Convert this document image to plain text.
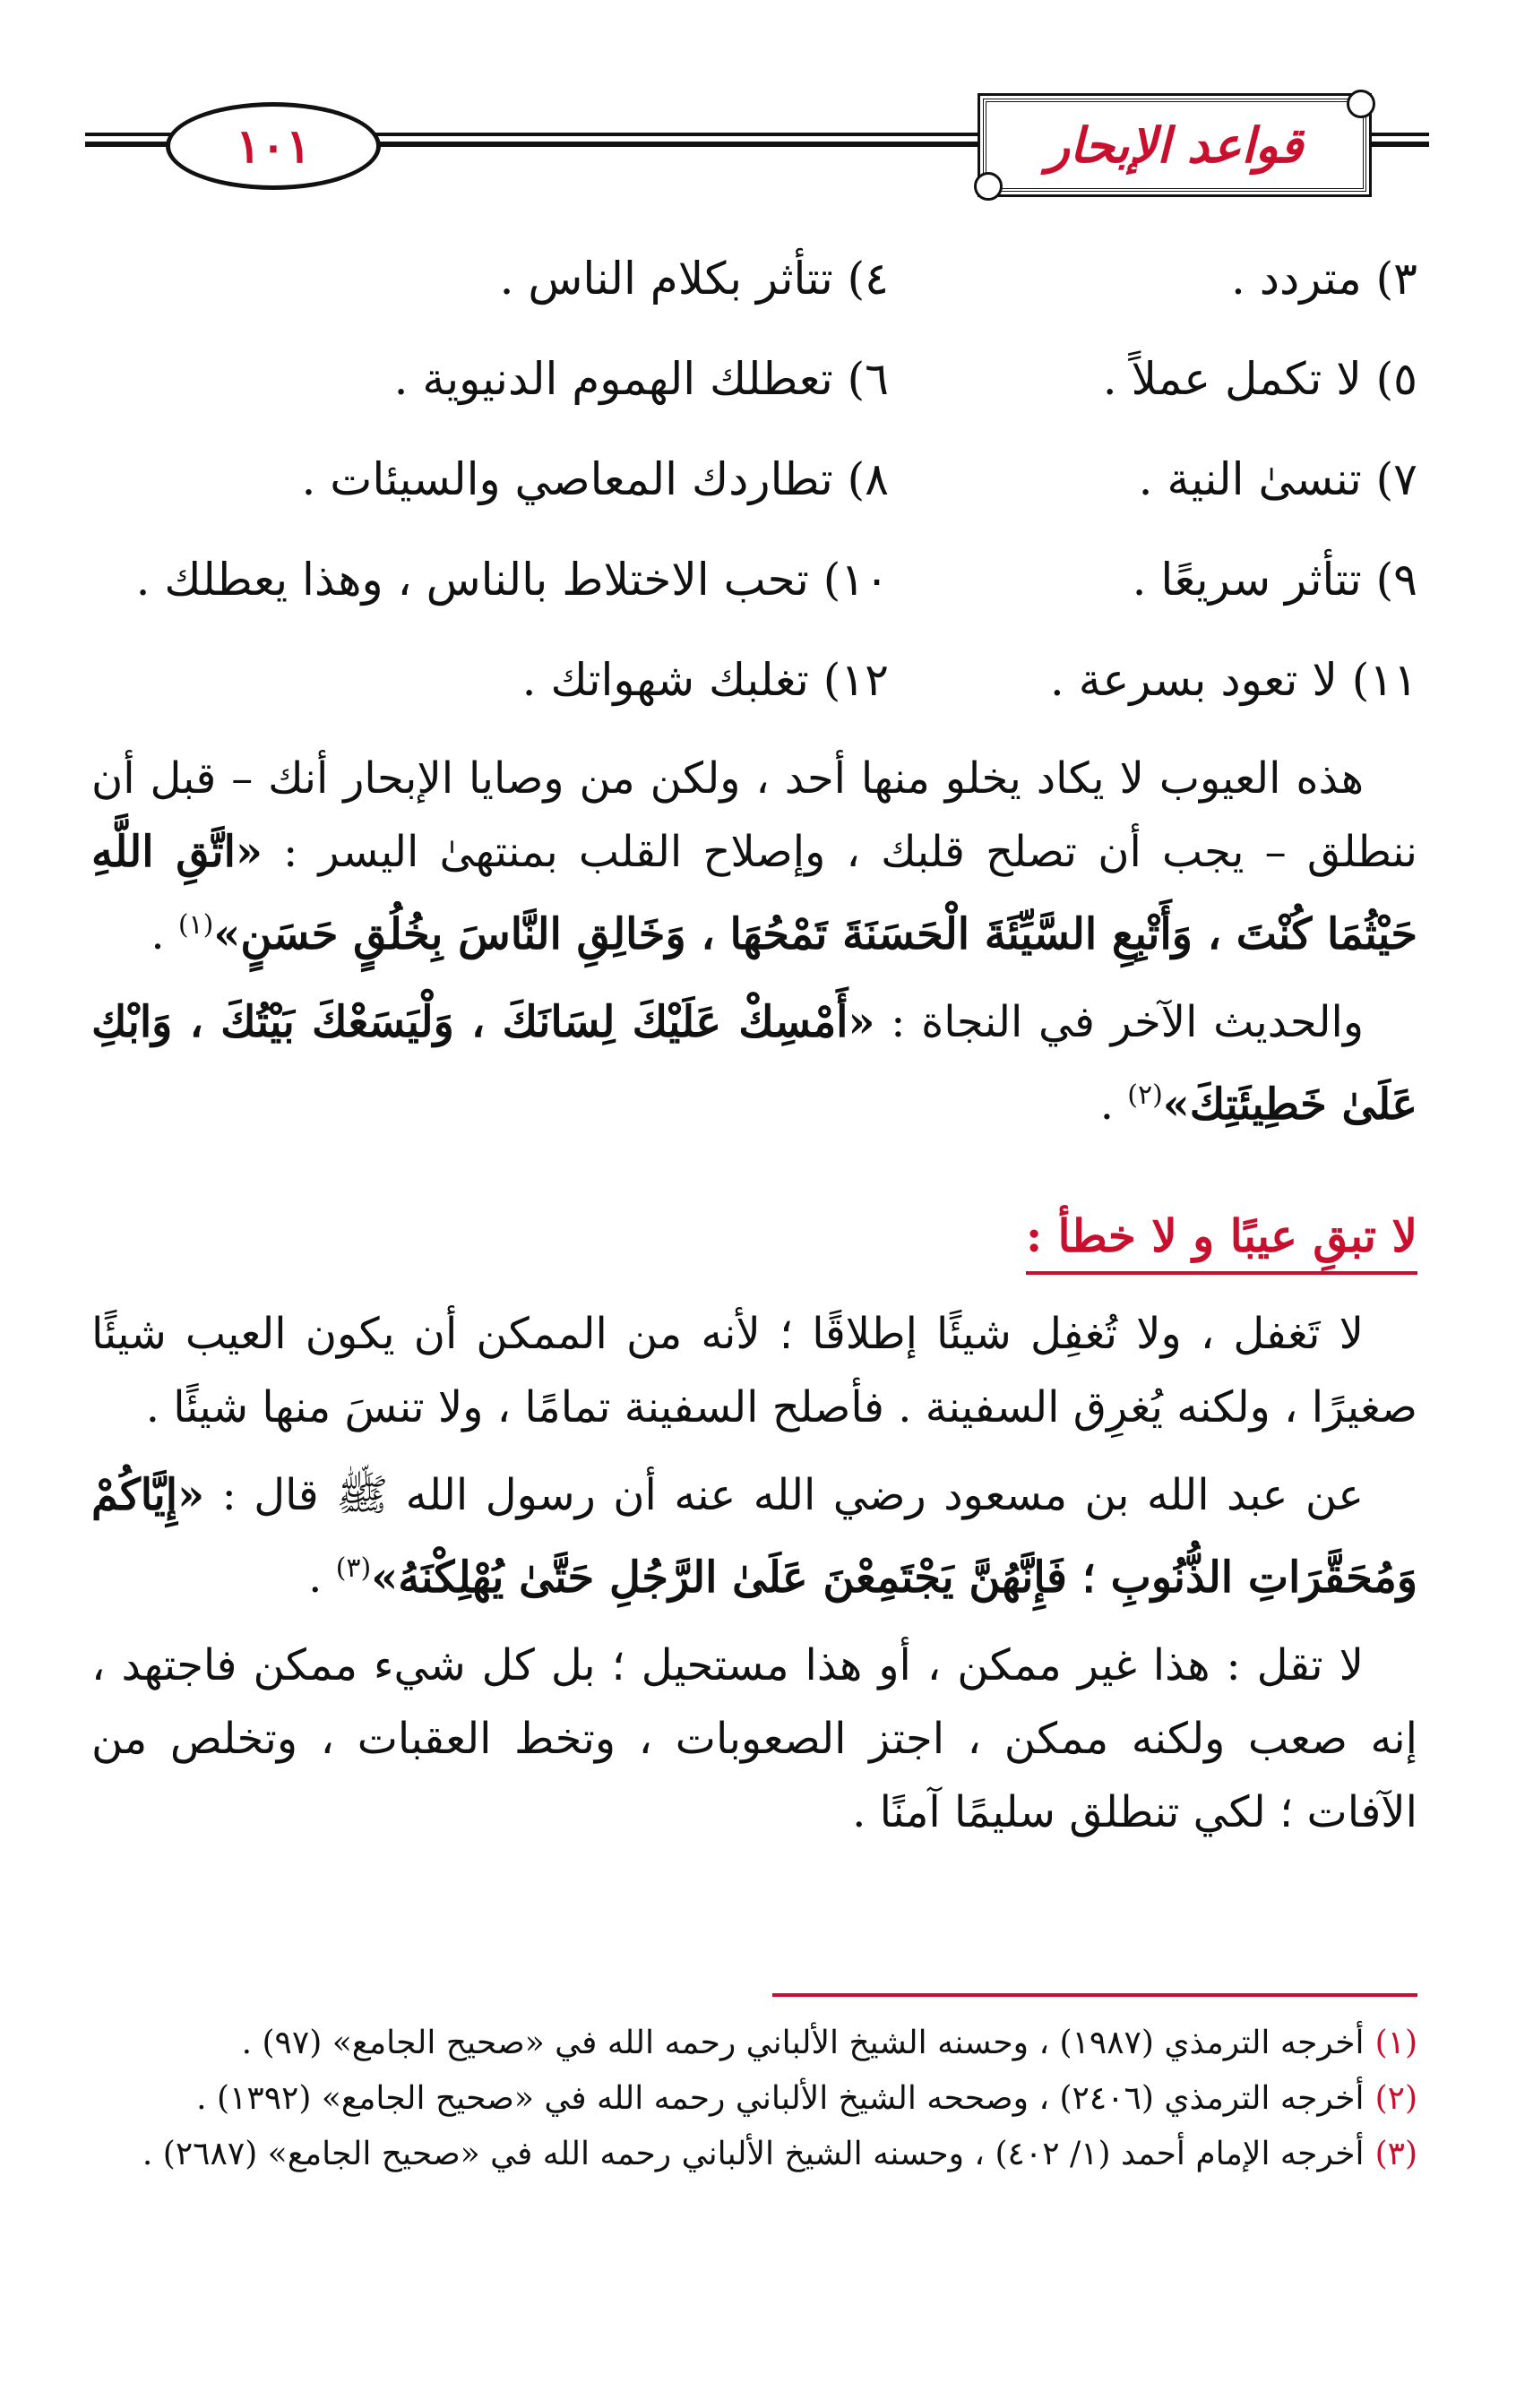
قواعد الإبحار
١٠١
٣) متردد .
٤) تتأثر بكلام الناس .
٥) لا تكمل عملاً .
٦) تعطلك الهموم الدنيوية .
٧) تنسىٰ النية .
٨) تطاردك المعاصي والسيئات .
٩) تتأثر سريعًا .
١٠) تحب الاختلاط بالناس ، وهذا يعطلك .
١١) لا تعود بسرعة .
١٢) تغلبك شهواتك .

هذه العيوب لا يكاد يخلو منها أحد ، ولكن من وصايا الإبحار أنك – قبل أن ننطلق – يجب أن تصلح قلبك ، وإصلاح القلب بمنتهىٰ اليسر : «اتَّقِ اللَّهِ حَيْثُمَا كُنْتَ ، وَأَتْبِعِ السَّيِّئَةَ الْحَسَنَةَ تَمْحُهَا ، وَخَالِقِ النَّاسَ بِخُلُقٍ حَسَنٍ»$^{(١)}$ .

والحديث الآخر في النجاة : «أَمْسِكْ عَلَيْكَ لِسَانَكَ ، وَلْيَسَعْكَ بَيْتُكَ ، وَابْكِ عَلَىٰ خَطِيئَتِكَ»$^{(٢)}$ .

لا تبقِ عيبًا و لا خطأ :

لا تَغفل ، ولا تُغفِل شيئًا إطلاقًا ؛ لأنه من الممكن أن يكون العيب شيئًا صغيرًا ، ولكنه يُغرِق السفينة . فأصلح السفينة تمامًا ، ولا تنسَ منها شيئًا .

عن عبد الله بن مسعود رضي الله عنه أن رسول الله ﷺ قال : «إِيَّاكُمْ وَمُحَقَّرَاتِ الذُّنُوبِ ؛ فَإِنَّهُنَّ يَجْتَمِعْنَ عَلَىٰ الرَّجُلِ حَتَّىٰ يُهْلِكْنَهُ»$^{(٣)}$ .

لا تقل : هذا غير ممكن ، أو هذا مستحيل ؛ بل كل شيء ممكن فاجتهد ، إنه صعب ولكنه ممكن ، اجتز الصعوبات ، وتخط العقبات ، وتخلص من الآفات ؛ لكي تنطلق سليمًا آمنًا .

(١)أخرجه الترمذي (١٩٨٧) ، وحسنه الشيخ الألباني رحمه الله في «صحيح الجامع» (٩٧) .
(٢)أخرجه الترمذي (٢٤٠٦) ، وصححه الشيخ الألباني رحمه الله في «صحيح الجامع» (١٣٩٢) .
(٣)أخرجه الإمام أحمد (١/ ٤٠٢) ، وحسنه الشيخ الألباني رحمه الله في «صحيح الجامع» (٢٦٨٧) .
